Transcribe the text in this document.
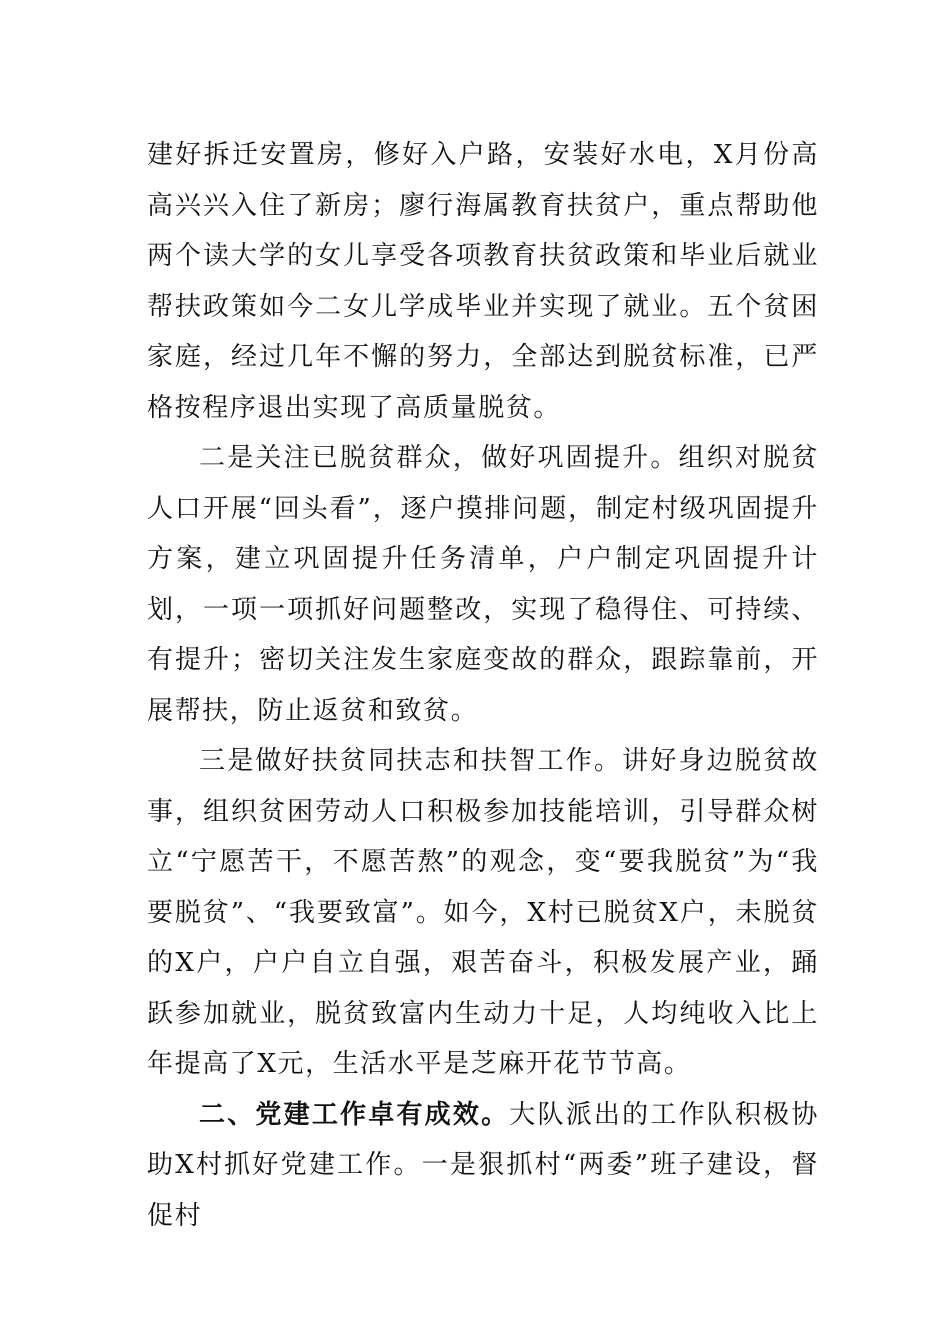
建好拆迁安置房，修好入户路，安装好水电，X月份高高兴兴入住了新房；廖行海属教育扶贫户，重点帮助他两个读大学的女儿享受各项教育扶贫政策和毕业后就业帮扶政策如今二女儿学成毕业并实现了就业。五个贫困家庭，经过几年不懈的努力，全部达到脱贫标准，已严格按程序退出实现了高质量脱贫。

二是关注已脱贫群众，做好巩固提升。组织对脱贫人口开展“回头看”，逐户摸排问题，制定村级巩固提升方案，建立巩固提升任务清单，户户制定巩固提升计划，一项一项抓好问题整改，实现了稳得住、可持续、有提升；密切关注发生家庭变故的群众，跟踪靠前，开展帮扶，防止返贫和致贫。

三是做好扶贫同扶志和扶智工作。讲好身边脱贫故事，组织贫困劳动人口积极参加技能培训，引导群众树立“宁愿苦干，不愿苦熬”的观念，变“要我脱贫”为“我要脱贫”、“我要致富”。如今，X村已脱贫X户，未脱贫的X户，户户自立自强，艰苦奋斗，积极发展产业，踊跃参加就业，脱贫致富内生动力十足，人均纯收入比上年提高了X元，生活水平是芝麻开花节节高。

二、党建工作卓有成效。大队派出的工作队积极协助X村抓好党建工作。一是狠抓村“两委”班子建设，督促村
